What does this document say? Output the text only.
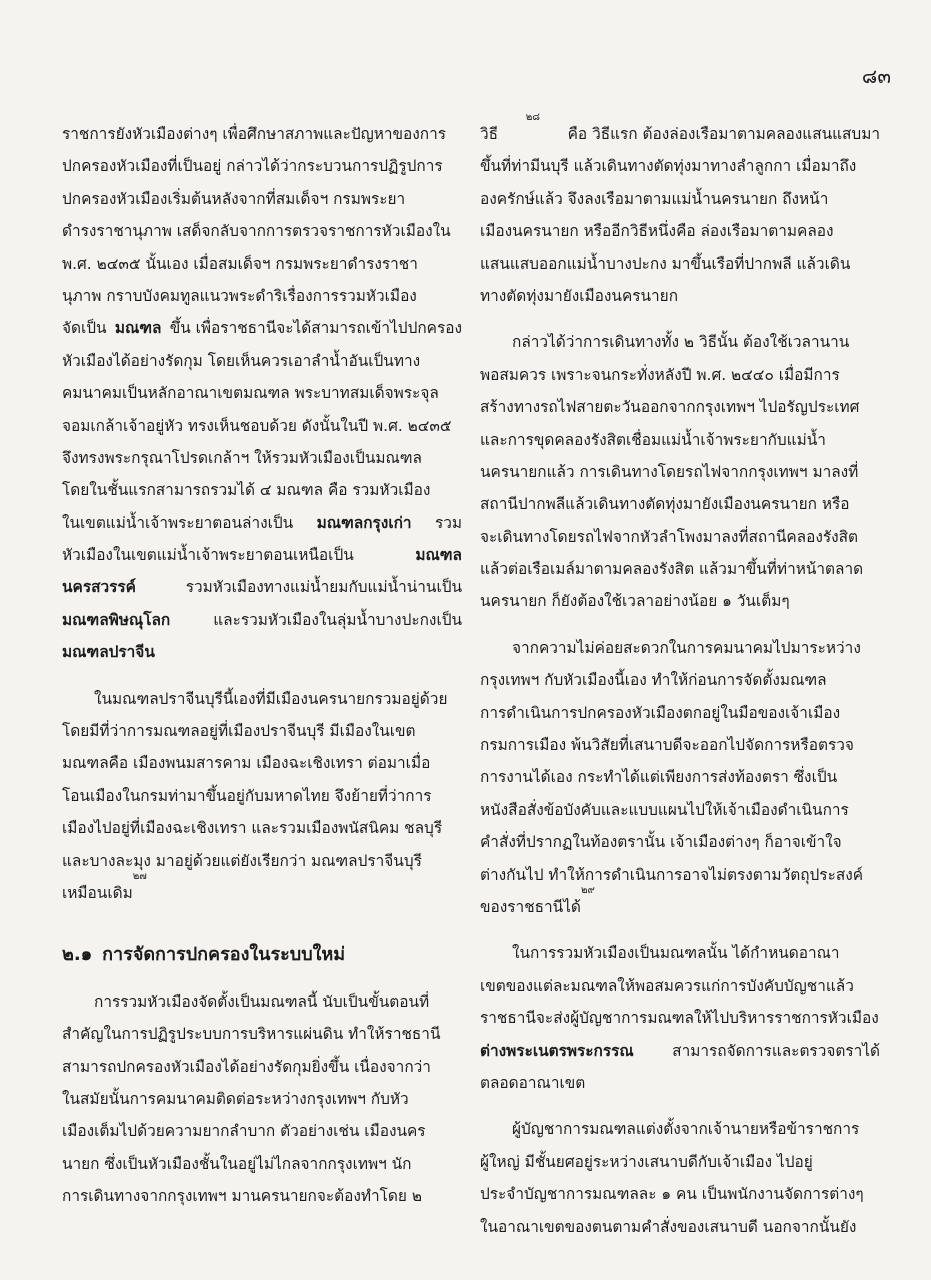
๘๓
ราชการยังหัวเมืองต่างๆ เพื่อศึกษาสภาพและปัญหาของการ
ปกครองหัวเมืองที่เป็นอยู่ กล่าวได้ว่ากระบวนการปฏิรูปการ
ปกครองหัวเมืองเริ่มต้นหลังจากที่สมเด็จฯ กรมพระยา
ดำรงราชานุภาพ เสด็จกลับจากการตรวจราชการหัวเมืองใน
พ.ศ. ๒๔๓๕ นั้นเอง เมื่อสมเด็จฯ กรมพระยาดำรงราชา
นุภาพ กราบบังคมทูลแนวพระดำริเรื่องการรวมหัวเมือง
จัดเป็น มณฑล ขึ้น เพื่อราชธานีจะได้สามารถเข้าไปปกครอง
หัวเมืองได้อย่างรัดกุม โดยเห็นควรเอาลำน้ำอันเป็นทาง
คมนาคมเป็นหลักอาณาเขตมณฑล พระบาทสมเด็จพระจุล
จอมเกล้าเจ้าอยู่หัว ทรงเห็นชอบด้วย ดังนั้นในปี พ.ศ. ๒๔๓๕
จึงทรงพระกรุณาโปรดเกล้าฯ ให้รวมหัวเมืองเป็นมณฑล
โดยในชั้นแรกสามารถรวมได้ ๔ มณฑล คือ รวมหัวเมือง
ในเขตแม่น้ำเจ้าพระยาตอนล่างเป็น มณฑลกรุงเก่า รวม
หัวเมืองในเขตแม่น้ำเจ้าพระยาตอนเหนือเป็น	มณฑล
นครสวรรค์	รวมหัวเมืองทางแม่น้ำยมกับแม่น้ำน่านเป็น
มณฑลพิษณุโลก	และรวมหัวเมืองในลุ่มน้ำบางปะกงเป็น
มณฑลปราจีน
ในมณฑลปราจีนบุรีนี้เองที่มีเมืองนครนายกรวมอยู่ด้วย
โดยมีที่ว่าการมณฑลอยู่ที่เมืองปราจีนบุรี มีเมืองในเขต
มณฑลคือ เมืองพนมสารคาม เมืองฉะเชิงเทรา ต่อมาเมื่อ
โอนเมืองในกรมท่ามาขึ้นอยู่กับมหาดไทย จึงย้ายที่ว่าการ
เมืองไปอยู่ที่เมืองฉะเชิงเทรา และรวมเมืองพนัสนิคม ชลบุรี
และบางละมุง มาอยู่ด้วยแต่ยังเรียกว่า มณฑลปราจีนบุรี
เหมือนเดิม
๒๗
๒.๑ การจัดการปกครองในระบบใหม่
การรวมหัวเมืองจัดตั้งเป็นมณฑลนี้ นับเป็นขั้นตอนที่
สำคัญในการปฏิรูประบบการบริหารแผ่นดิน ทำให้ราชธานี
สามารถปกครองหัวเมืองได้อย่างรัดกุมยิ่งขึ้น เนื่องจากว่า
ในสมัยนั้นการคมนาคมติดต่อระหว่างกรุงเทพฯ กับหัว
เมืองเต็มไปด้วยความยากลำบาก ตัวอย่างเช่น เมืองนคร
นายก ซึ่งเป็นหัวเมืองชั้นในอยู่ไม่ไกลจากกรุงเทพฯ นัก
การเดินทางจากกรุงเทพฯ มานครนายกจะต้องทำโดย ๒
วิธี
๒๘
คือ วิธีแรก ต้องล่องเรือมาตามคลองแสนแสบมา
ขึ้นที่ท่ามีนบุรี แล้วเดินทางตัดทุ่งมาทางลำลูกกา เมื่อมาถึง
องครักษ์แล้ว จึงลงเรือมาตามแม่น้ำนครนายก ถึงหน้า
เมืองนครนายก หรืออีกวิธีหนึ่งคือ ล่องเรือมาตามคลอง
แสนแสบออกแม่น้ำบางปะกง มาขึ้นเรือที่ปากพลี แล้วเดิน
ทางตัดทุ่งมายังเมืองนครนายก
กล่าวได้ว่าการเดินทางทั้ง ๒ วิธีนั้น ต้องใช้เวลานาน
พอสมควร เพราะจนกระทั่งหลังปี พ.ศ. ๒๔๔๐ เมื่อมีการ
สร้างทางรถไฟสายตะวันออกจากกรุงเทพฯ ไปอรัญประเทศ
และการขุดคลองรังสิตเชื่อมแม่น้ำเจ้าพระยากับแม่น้ำ
นครนายกแล้ว การเดินทางโดยรถไฟจากกรุงเทพฯ มาลงที่
สถานีปากพลีแล้วเดินทางตัดทุ่งมายังเมืองนครนายก หรือ
จะเดินทางโดยรถไฟจากหัวลำโพงมาลงที่สถานีคลองรังสิต
แล้วต่อเรือเมล์มาตามคลองรังสิต แล้วมาขึ้นที่ท่าหน้าตลาด
นครนายก ก็ยังต้องใช้เวลาอย่างน้อย ๑ วันเต็มๆ
จากความไม่ค่อยสะดวกในการคมนาคมไปมาระหว่าง
กรุงเทพฯ กับหัวเมืองนี้เอง ทำให้ก่อนการจัดตั้งมณฑล
การดำเนินการปกครองหัวเมืองตกอยู่ในมือของเจ้าเมือง
กรมการเมือง พ้นวิสัยที่เสนาบดีจะออกไปจัดการหรือตรวจ
การงานได้เอง กระทำได้แต่เพียงการส่งท้องตรา ซึ่งเป็น
หนังสือสั่งข้อบังคับและแบบแผนไปให้เจ้าเมืองดำเนินการ
คำสั่งที่ปรากฏในท้องตรานั้น เจ้าเมืองต่างๆ ก็อาจเข้าใจ
ต่างกันไป ทำให้การดำเนินการอาจไม่ตรงตามวัตถุประสงค์
ของราชธานีได้
๒๙
ในการรวมหัวเมืองเป็นมณฑลนั้น ได้กำหนดอาณา
เขตของแต่ละมณฑลให้พอสมควรแก่การบังคับบัญชาแล้ว
ราชธานีจะส่งผู้บัญชาการมณฑลให้ไปบริหารราชการหัวเมือง
ต่างพระเนตรพระกรรณ สามารถจัดการและตรวจตราได้
ตลอดอาณาเขต
ผู้บัญชาการมณฑลแต่งตั้งจากเจ้านายหรือข้าราชการ
ผู้ใหญ่ มีชั้นยศอยู่ระหว่างเสนาบดีกับเจ้าเมือง ไปอยู่
ประจำบัญชาการมณฑลละ ๑ คน เป็นพนักงานจัดการต่างๆ
ในอาณาเขตของตนตามคำสั่งของเสนาบดี นอกจากนั้นยัง
